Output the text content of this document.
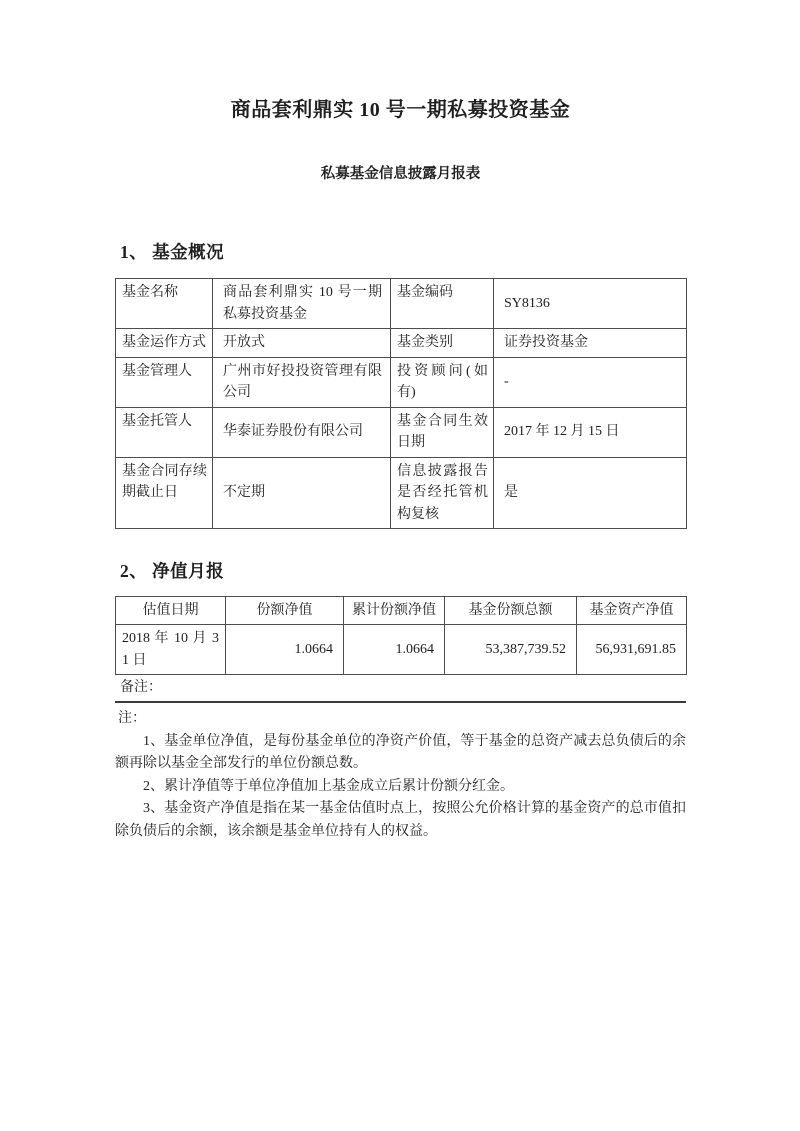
商品套利鼎实 10 号一期私募投资基金
私募基金信息披露月报表
1、 基金概况
基金名称	商品套利鼎实 10 号一期私募投资基金	基金编码	SY8136
基金运作方式	开放式	基金类别	证券投资基金
基金管理人	广州市好投投资管理有限公司	投资顾问(如有)	-
基金托管人	华泰证券股份有限公司	基金合同生效日期	2017 年 12 月 15 日
基金合同存续期截止日	不定期	信息披露报告是否经托管机构复核	是
2、 净值月报
估值日期	份额净值	累计份额净值	基金份额总额	基金资产净值
2018 年 10 月 31 日	1.0664	1.0664	53,387,739.52	56,931,691.85
备注：

注：

1、基金单位净值，是每份基金单位的净资产价值，等于基金的总资产减去总负债后的余额再除以基金全部发行的单位份额总数。

2、累计净值等于单位净值加上基金成立后累计份额分红金。

3、基金资产净值是指在某一基金估值时点上，按照公允价格计算的基金资产的总市值扣除负债后的余额，该余额是基金单位持有人的权益。
